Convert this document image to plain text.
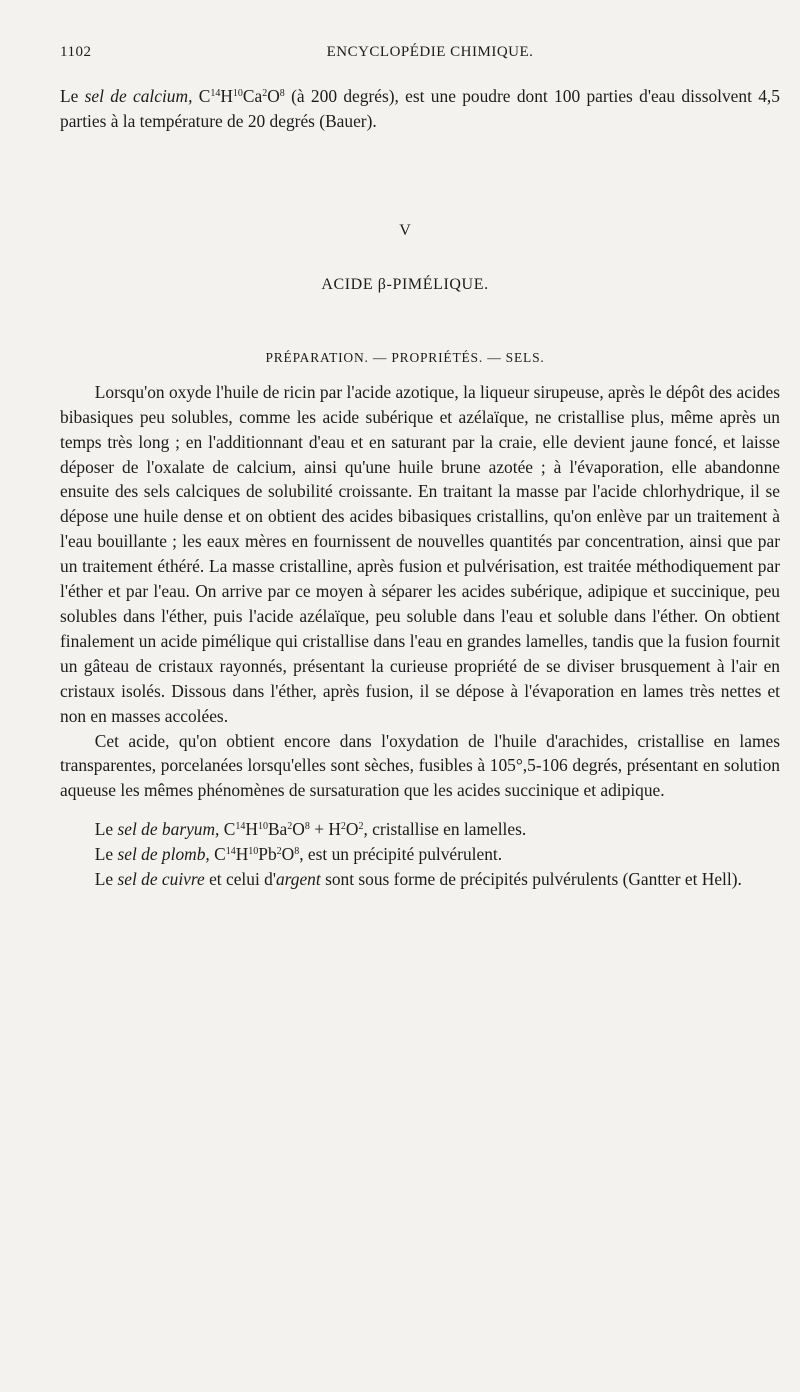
1102	ENCYCLOPÉDIE CHIMIQUE.

Le sel de calcium, $C^{14}H^{10}Ca^2O^8$ (à 200 degrés), est une poudre dont 100 parties d'eau dissolvent 4,5 parties à la température de 20 degrés (Bauer).

V
ACIDE β-PIMÉLIQUE.
PRÉPARATION. — PROPRIÉTÉS. — SELS.

Lorsqu'on oxyde l'huile de ricin par l'acide azotique, la liqueur sirupeuse, après le dépôt des acides bibasiques peu solubles, comme les acide subérique et azélaïque, ne cristallise plus, même après un temps très long ; en l'additionnant d'eau et en saturant par la craie, elle devient jaune foncé, et laisse déposer de l'oxalate de calcium, ainsi qu'une huile brune azotée ; à l'évaporation, elle abandonne ensuite des sels calciques de solubilité croissante. En traitant la masse par l'acide chlorhydrique, il se dépose une huile dense et on obtient des acides bibasiques cristallins, qu'on enlève par un traitement à l'eau bouillante ; les eaux mères en fournissent de nouvelles quantités par concentration, ainsi que par un traitement éthéré. La masse cristalline, après fusion et pulvérisation, est traitée méthodiquement par l'éther et par l'eau. On arrive par ce moyen à séparer les acides subérique, adipique et succinique, peu solubles dans l'éther, puis l'acide azélaïque, peu soluble dans l'eau et soluble dans l'éther. On obtient finalement un acide pimélique qui cristallise dans l'eau en grandes lamelles, tandis que la fusion fournit un gâteau de cristaux rayonnés, présentant la curieuse propriété de se diviser brusquement à l'air en cristaux isolés. Dissous dans l'éther, après fusion, il se dépose à l'évaporation en lames très nettes et non en masses accolées.

Cet acide, qu'on obtient encore dans l'oxydation de l'huile d'arachides, cristallise en lames transparentes, porcelanées lorsqu'elles sont sèches, fusibles à 105°,5-106 degrés, présentant en solution aqueuse les mêmes phénomènes de sursaturation que les acides succinique et adipique.

Le sel de baryum, $C^{14}H^{10}Ba^2O^8 + H^2O^2$, cristallise en lamelles.

Le sel de plomb, $C^{14}H^{10}Pb^2O^8$, est un précipité pulvérulent.

Le sel de cuivre et celui d'argent sont sous forme de précipités pulvérulents (Gantter et Hell).
